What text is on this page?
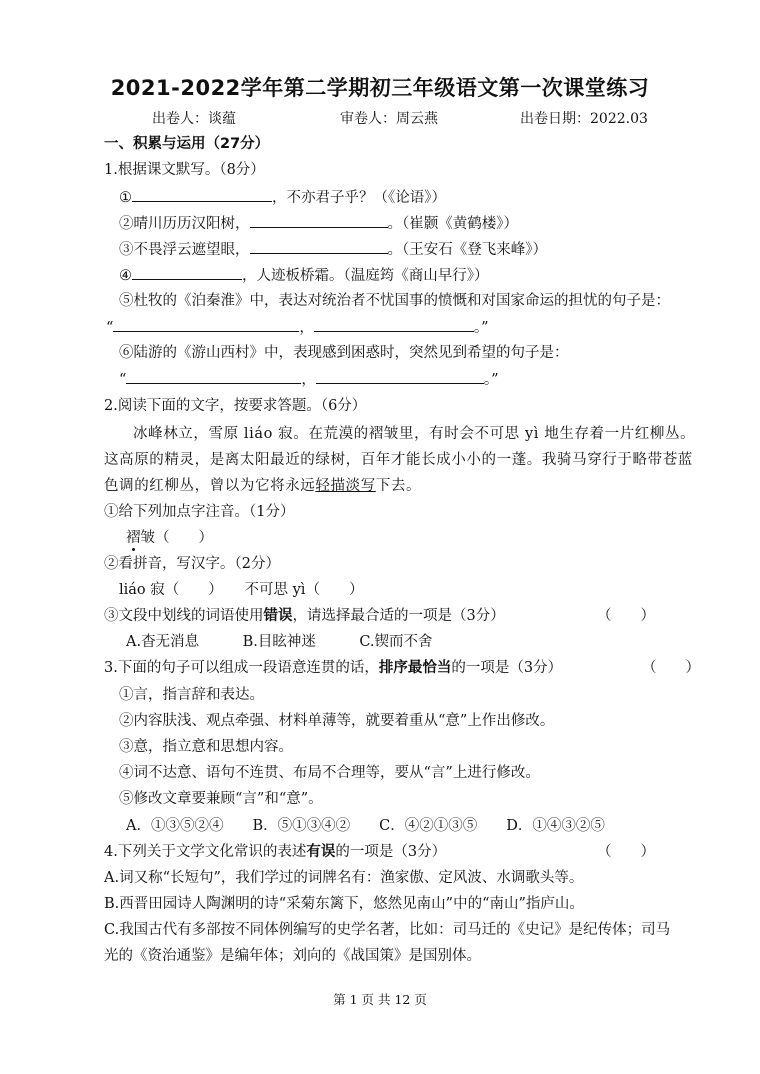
2021-2022学年第二学期初三年级语文第一次课堂练习
出卷人：谈蕴	审卷人：周云燕	出卷日期：2022.03
一、积累与运用（27分）
1.根据课文默写。（8分）
①	，不亦君子乎？（《论语》）
②晴川历历汉阳树，	。（崔颢《黄鹤楼》）
③不畏浮云遮望眼，	。（王安石《登飞来峰》）
④	，人迹板桥霜。（温庭筠《商山早行》）
⑤杜牧的《泊秦淮》中，表达对统治者不忧国事的愤慨和对国家命运的担忧的句子是：
“	，	。”
⑥陆游的《游山西村》中，表现感到困惑时，突然见到希望的句子是：
“	，	。”
2.阅读下面的文字，按要求答题。（6分）
冰峰林立，雪原 liáo 寂。在荒漠的褶皱里，有时会不可思 yì 地生存着一片红柳丛。
这高原的精灵，是离太阳最近的绿树，百年才能长成小小的一蓬。我骑马穿行于略带苍蓝
色调的红柳丛，曾以为它将永远轻描淡写下去。
①给下列加点字注音。（1分）
褶皱（　　）
②看拼音，写汉字。（2分）
liáo 寂（　　）　　不可思 yì（　　）
③文段中划线的词语使用错误，请选择最合适的一项是（3分）	（　　）
A.杳无消息　　　B.目眩神迷　　　C.锲而不舍
3.下面的句子可以组成一段语意连贯的话，排序最恰当的一项是（3分）	（　　）
①言，指言辞和表达。
②内容肤浅、观点牵强、材料单薄等，就要着重从“意”上作出修改。
③意，指立意和思想内容。
④词不达意、语句不连贯、布局不合理等，要从“言”上进行修改。
⑤修改文章要兼顾“言”和“意”。
A．①③⑤②④　　B．⑤①③④②　　C．④②①③⑤　　D．①④③②⑤
4.下列关于文学文化常识的表述有误的一项是（3分）	（　　）
A.词又称“长短句”，我们学过的词牌名有：渔家傲、定风波、水调歌头等。
B.西晋田园诗人陶渊明的诗“采菊东篱下，悠然见南山”中的“南山”指庐山。
C.我国古代有多部按不同体例编写的史学名著，比如：司马迁的《史记》是纪传体；司马
光的《资治通鉴》是编年体；刘向的《战国策》是国别体。
第 1 页 共 12 页
